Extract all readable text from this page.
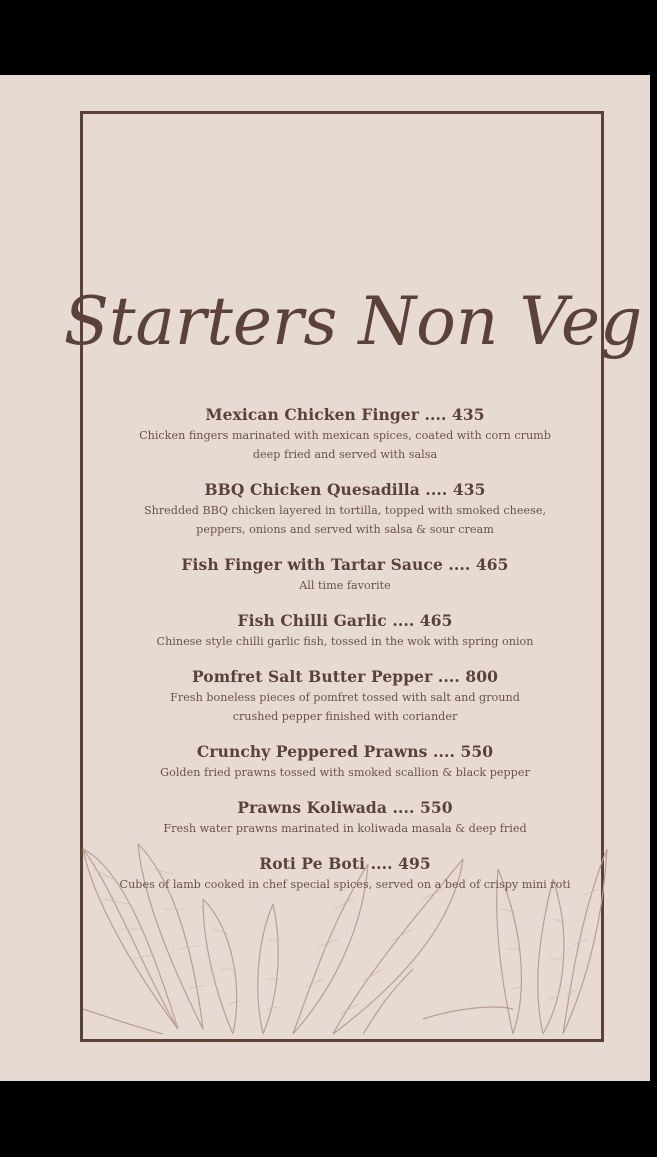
Starters Non Veg
Mexican Chicken Finger .... 435
Chicken fingers marinated with mexican spices, coated with corn crumb
deep fried and served with salsa
BBQ Chicken Quesadilla .... 435
Shredded BBQ chicken layered in tortilla, topped with smoked cheese,
peppers, onions and served with salsa & sour cream
Fish Finger with Tartar Sauce .... 465
All time favorite
Fish Chilli Garlic .... 465
Chinese style chilli garlic fish, tossed in the wok with spring onion
Pomfret Salt Butter Pepper .... 800
Fresh boneless pieces of pomfret tossed with salt and ground
crushed pepper finished with coriander
Crunchy Peppered Prawns .... 550
Golden fried prawns tossed with smoked scallion & black pepper
Prawns Koliwada .... 550
Fresh water prawns marinated in koliwada masala & deep fried
Roti Pe Boti .... 495
Cubes of lamb cooked in chef special spices, served on a bed of crispy mini roti
